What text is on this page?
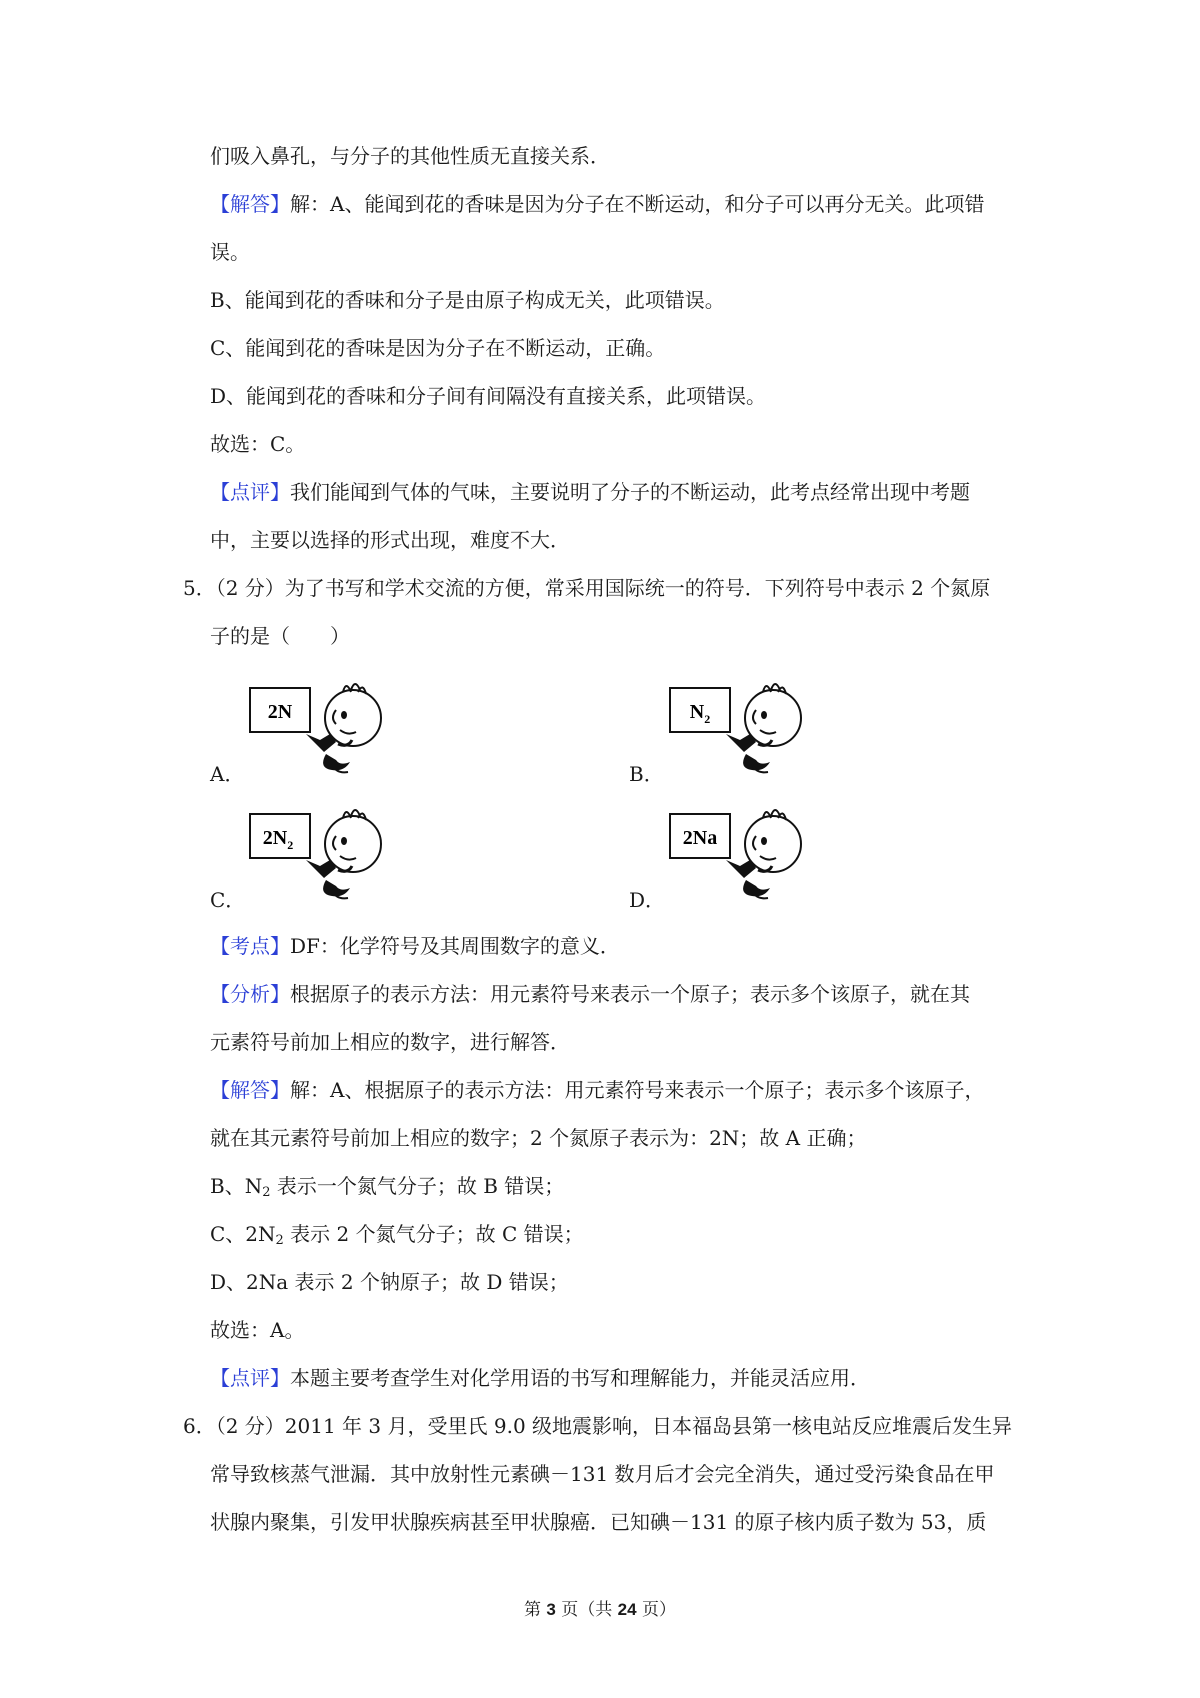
们吸入鼻孔，与分子的其他性质无直接关系．
【解答】解：A、能闻到花的香味是因为分子在不断运动，和分子可以再分无关。此项错
误。
B、能闻到花的香味和分子是由原子构成无关，此项错误。
C、能闻到花的香味是因为分子在不断运动，正确。
D、能闻到花的香味和分子间有间隔没有直接关系，此项错误。
故选：C。
【点评】我们能闻到气体的气味，主要说明了分子的不断运动，此考点经常出现中考题
中，主要以选择的形式出现，难度不大．
5．（2 分）为了书写和学术交流的方便，常采用国际统一的符号．下列符号中表示 2 个氮原
子的是（　　）
2N	$N_2$
$2N_2$	2Na
A．	B．
C．	D．
【考点】DF：化学符号及其周围数字的意义．
【分析】根据原子的表示方法：用元素符号来表示一个原子；表示多个该原子，就在其
元素符号前加上相应的数字，进行解答．
【解答】解：A、根据原子的表示方法：用元素符号来表示一个原子；表示多个该原子，
就在其元素符号前加上相应的数字；2 个氮原子表示为：2N；故 A 正确；
B、$N_2$ 表示一个氮气分子；故 B 错误；
C、$2N_2$ 表示 2 个氮气分子；故 C 错误；
D、2Na 表示 2 个钠原子；故 D 错误；
故选：A。
【点评】本题主要考查学生对化学用语的书写和理解能力，并能灵活应用．
6．（2 分）2011 年 3 月，受里氏 9.0 级地震影响，日本福岛县第一核电站反应堆震后发生异
常导致核蒸气泄漏．其中放射性元素碘－131 数月后才会完全消失，通过受污染食品在甲
状腺内聚集，引发甲状腺疾病甚至甲状腺癌．已知碘－131 的原子核内质子数为 53，质
第 3 页（共 24 页）
